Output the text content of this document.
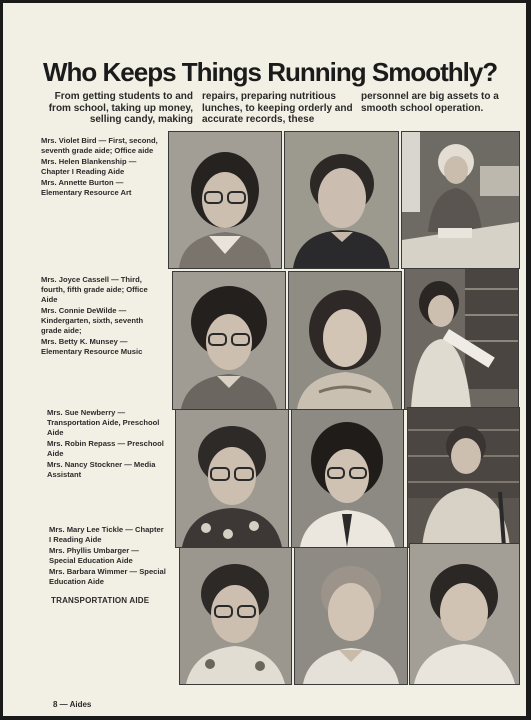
Who Keeps Things Running Smoothly?
From getting students to and from school, taking up money, selling candy, making
repairs, preparing nutritious lunches, to keeping orderly and accurate records, these
personnel are big assets to a smooth school operation.

Mrs. Violet Bird — First, second, seventh grade aide; Office aide

Mrs. Helen Blankenship — Chapter I Reading Aide

Mrs. Annette Burton — Elementary Resource Art

Mrs. Joyce Cassell — Third, fourth, fifth grade aide; Office Aide

Mrs. Connie DeWilde — Kindergarten, sixth, seventh grade aide;

Mrs. Betty K. Munsey — Elementary Resource Music

Mrs. Sue Newberry — Transportation Aide, Preschool Aide

Mrs. Robin Repass — Preschool Aide

Mrs. Nancy Stockner — Media Assistant

Mrs. Mary Lee Tickle — Chapter I Reading Aide

Mrs. Phyllis Umbarger — Special Education Aide

Mrs. Barbara Wimmer — Special Education Aide

TRANSPORTATION AIDE
8 — Aides
